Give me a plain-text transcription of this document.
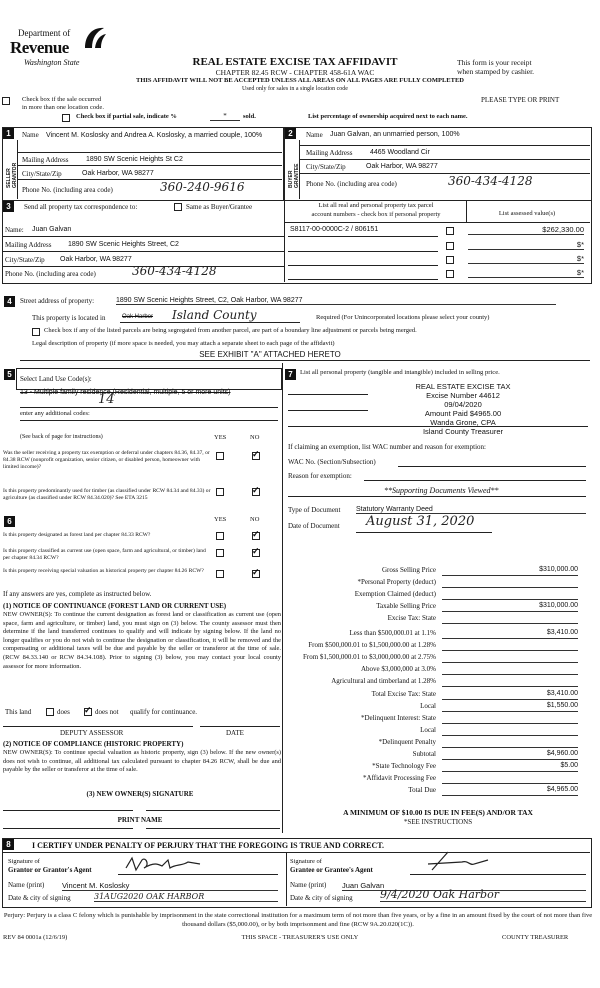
Department of
Revenue
Washington State	REAL ESTATE EXCISE TAX AFFIDAVIT
CHAPTER 82.45 RCW - CHAPTER 458-61A WAC
THIS AFFIDAVIT WILL NOT BE ACCEPTED UNLESS ALL AREAS ON ALL PAGES ARE FULLY COMPLETED
Used only for sales in a single location code
This form is your receipt
when stamped by cashier.
PLEASE TYPE OR PRINT
Check box if the sale occurred
in more than one location code.
Check box if partial sale, indicate %	*	sold.	List percentage of ownership acquired next to each name.
1	2
SELLER GRANTOR	BUYER GRANTEE
Name Vincent M. Koslosky and Andrea A. Koslosky, a married couple, 100%
Mailing Address	1890 SW Scenic Heights St C2
City/State/Zip	Oak Harbor, WA 98277
Phone No. (including area code)	360-240-9616
Name Juan Galvan, an unmarried person, 100%
Mailing Address	4465 Woodland Cir
City/State/Zip	Oak Harbor, WA 98277
Phone No. (including area code)	360-434-4128
3	Send all property tax correspondence to:	Same as Buyer/Grantee	List all real and personal property tax parcel
account numbers - check box if personal property	List assessed value(s)
Name: Juan Galvan
Mailing Address 1890 SW Scenic Heights Street, C2
City/State/Zip Oak Harbor, WA 98277
Phone No. (including area code)	360-434-4128
S8117-00-0000C-2 / 806151	$262,330.00
$*
$*
$*
4	Street address of property:	1890 SW Scenic Heights Street, C2, Oak Harbor, WA 98277
This property is located in	Oak Harbor Island County	Required (For Unincorporated locations please select your county)
Check box if any of the listed parcels are being segregated from another parcel, are part of a boundary line adjustment or parcels being merged.
Legal description of property (if more space is needed, you may attach a separate sheet to each page of the affidavit)
SEE EXHIBIT "A" ATTACHED HERETO
5	Select Land Use Code(s):
13 - Multiple family residence (Residential, multiple, 5 or more units)
14
enter any additional codes:
(See back of page for instructions)	YES	NO
Was the seller receiving a property tax exemption or deferral under chapters 84.36, 84.37, or 84.38 RCW (nonprofit organization, senior citizen, or disabled person, homeowner with limited income)?
✓
Is this property predominantly used for timber (as classified under RCW 84.34 and 84.33) or agriculture (as classified under RCW 84.34.020)? See ETA 3215
✓
6	YES	NO
Is this property designated as forest land per chapter 84.33 RCW?
✓
Is this property classified as current use (open space, farm and agricultural, or timber) land per chapter 84.34 RCW?
✓
Is this property receiving special valuation as historical property per chapter 84.26 RCW?
✓
If any answers are yes, complete as instructed below.
(1) NOTICE OF CONTINUANCE (FOREST LAND OR CURRENT USE)
NEW OWNER(S): To continue the current designation as forest land or classification as current use (open space, farm and agriculture, or timber) land, you must sign on (3) below. The county assessor must then determine if the land transferred continues to qualify and will indicate by signing below. If the land no longer qualifies or you do not wish to continue the designation or classification, it will be removed and the compensating or additional taxes will be due and payable by the seller or transferor at the time of sale. (RCW 84.33.140 or RCW 84.34.108). Prior to signing (3) below, you may contact your local county assessor for more information.
This land	does
✓	does not qualify for continuance.
DEPUTY ASSESSOR	DATE
(2) NOTICE OF COMPLIANCE (HISTORIC PROPERTY)
NEW OWNER(S): To continue special valuation as historic property, sign (3) below. If the new owner(s) does not wish to continue, all additional tax calculated pursuant to chapter 84.26 RCW, shall be due and payable by the seller or transferor at the time of sale.
(3) NEW OWNER(S) SIGNATURE
PRINT NAME
7	List all personal property (tangible and intangible) included in selling price.
REAL ESTATE EXCISE TAX
Excise Number 44612
09/04/2020
Amount Paid $4965.00
Wanda Grone, CPA
Island County Treasurer
If claiming an exemption, list WAC number and reason for exemption:
WAC No. (Section/Subsection)
Reason for exemption:
**Supporting Documents Viewed**
Type of Document Statutory Warranty Deed
Date of Document August 31, 2020
Gross Selling Price	$310,000.00
*Personal Property (deduct)
Exemption Claimed (deduct)
Taxable Selling Price	$310,000.00
Excise Tax: State
Less than $500,000.01 at 1.1%	$3,410.00
From $500,000.01 to $1,500,000.00 at 1.28%
From $1,500,000.01 to $3,000,000.00 at 2.75%
Above $3,000,000 at 3.0%
Agricultural and timberland at 1.28%
Total Excise Tax: State	$3,410.00
Local	$1,550.00
*Delinquent Interest: State
Local
*Delinquent Penalty
Subtotal	$4,960.00
*State Technology Fee	$5.00
*Affidavit Processing Fee
Total Due	$4,965.00
A MINIMUM OF $10.00 IS DUE IN FEE(S) AND/OR TAX
*SEE INSTRUCTIONS
8	I CERTIFY UNDER PENALTY OF PERJURY THAT THE FOREGOING IS TRUE AND CORRECT.
Signature of
Grantor or Grantor's Agent
Name (print) Vincent M. Koslosky
Date & city of signing	31AUG2020 OAK HARBOR
Signature of
Grantee or Grantee's Agent
Name (print) Juan Galvan
Date & city of signing 9/4/2020 Oak Harbor
Perjury: Perjury is a class C felony which is punishable by imprisonment in the state correctional institution for a maximum term of not more than five years, or by a fine in an amount fixed by the court of not more than five thousand dollars ($5,000.00), or by both imprisonment and fine (RCW 9A.20.020(1C)).
REV 84 0001a (12/6/19)	THIS SPACE - TREASURER'S USE ONLY	COUNTY TREASURER
